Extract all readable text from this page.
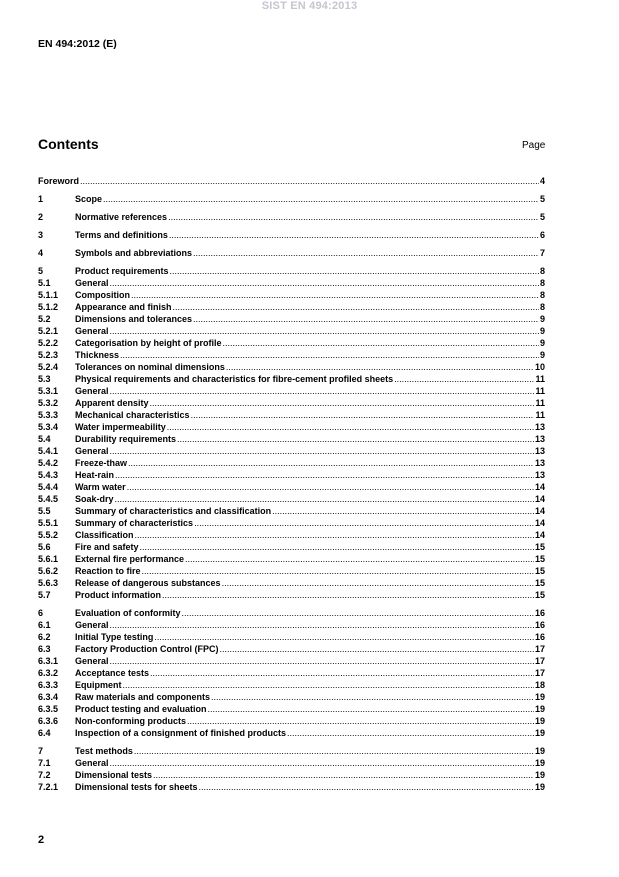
SIST EN 494:2013
EN 494:2012 (E)
Contents	Page
Foreword .....	4
1	Scope .....	5
2	Normative references .....	5
3	Terms and definitions .....	6
4	Symbols and abbreviations .....	7
5	Product requirements .....	8
5.1	General .....	8
5.1.1	Composition .....	8
5.1.2	Appearance and finish .....	8
5.2	Dimensions and tolerances .....	9
5.2.1	General .....	9
5.2.2	Categorisation by height of profile .....	9
5.2.3	Thickness .....	9
5.2.4	Tolerances on nominal dimensions .....	10
5.3	Physical requirements and characteristics for fibre-cement profiled sheets .....	11
5.3.1	General .....	11
5.3.2	Apparent density .....	11
5.3.3	Mechanical characteristics .....	11
5.3.4	Water impermeability .....	13
5.4	Durability requirements .....	13
5.4.1	General .....	13
5.4.2	Freeze-thaw .....	13
5.4.3	Heat-rain .....	13
5.4.4	Warm water .....	14
5.4.5	Soak-dry .....	14
5.5	Summary of characteristics and classification .....	14
5.5.1	Summary of characteristics .....	14
5.5.2	Classification .....	14
5.6	Fire and safety .....	15
5.6.1	External fire performance .....	15
5.6.2	Reaction to fire .....	15
5.6.3	Release of dangerous substances .....	15
5.7	Product information .....	15
6	Evaluation of conformity .....	16
6.1	General .....	16
6.2	Initial Type testing .....	16
6.3	Factory Production Control (FPC) .....	17
6.3.1	General .....	17
6.3.2	Acceptance tests .....	17
6.3.3	Equipment .....	18
6.3.4	Raw materials and components .....	19
6.3.5	Product testing and evaluation .....	19
6.3.6	Non-conforming products .....	19
6.4	Inspection of a consignment of finished products .....	19
7	Test methods .....	19
7.1	General .....	19
7.2	Dimensional tests .....	19
7.2.1	Dimensional tests for sheets .....	19
2
